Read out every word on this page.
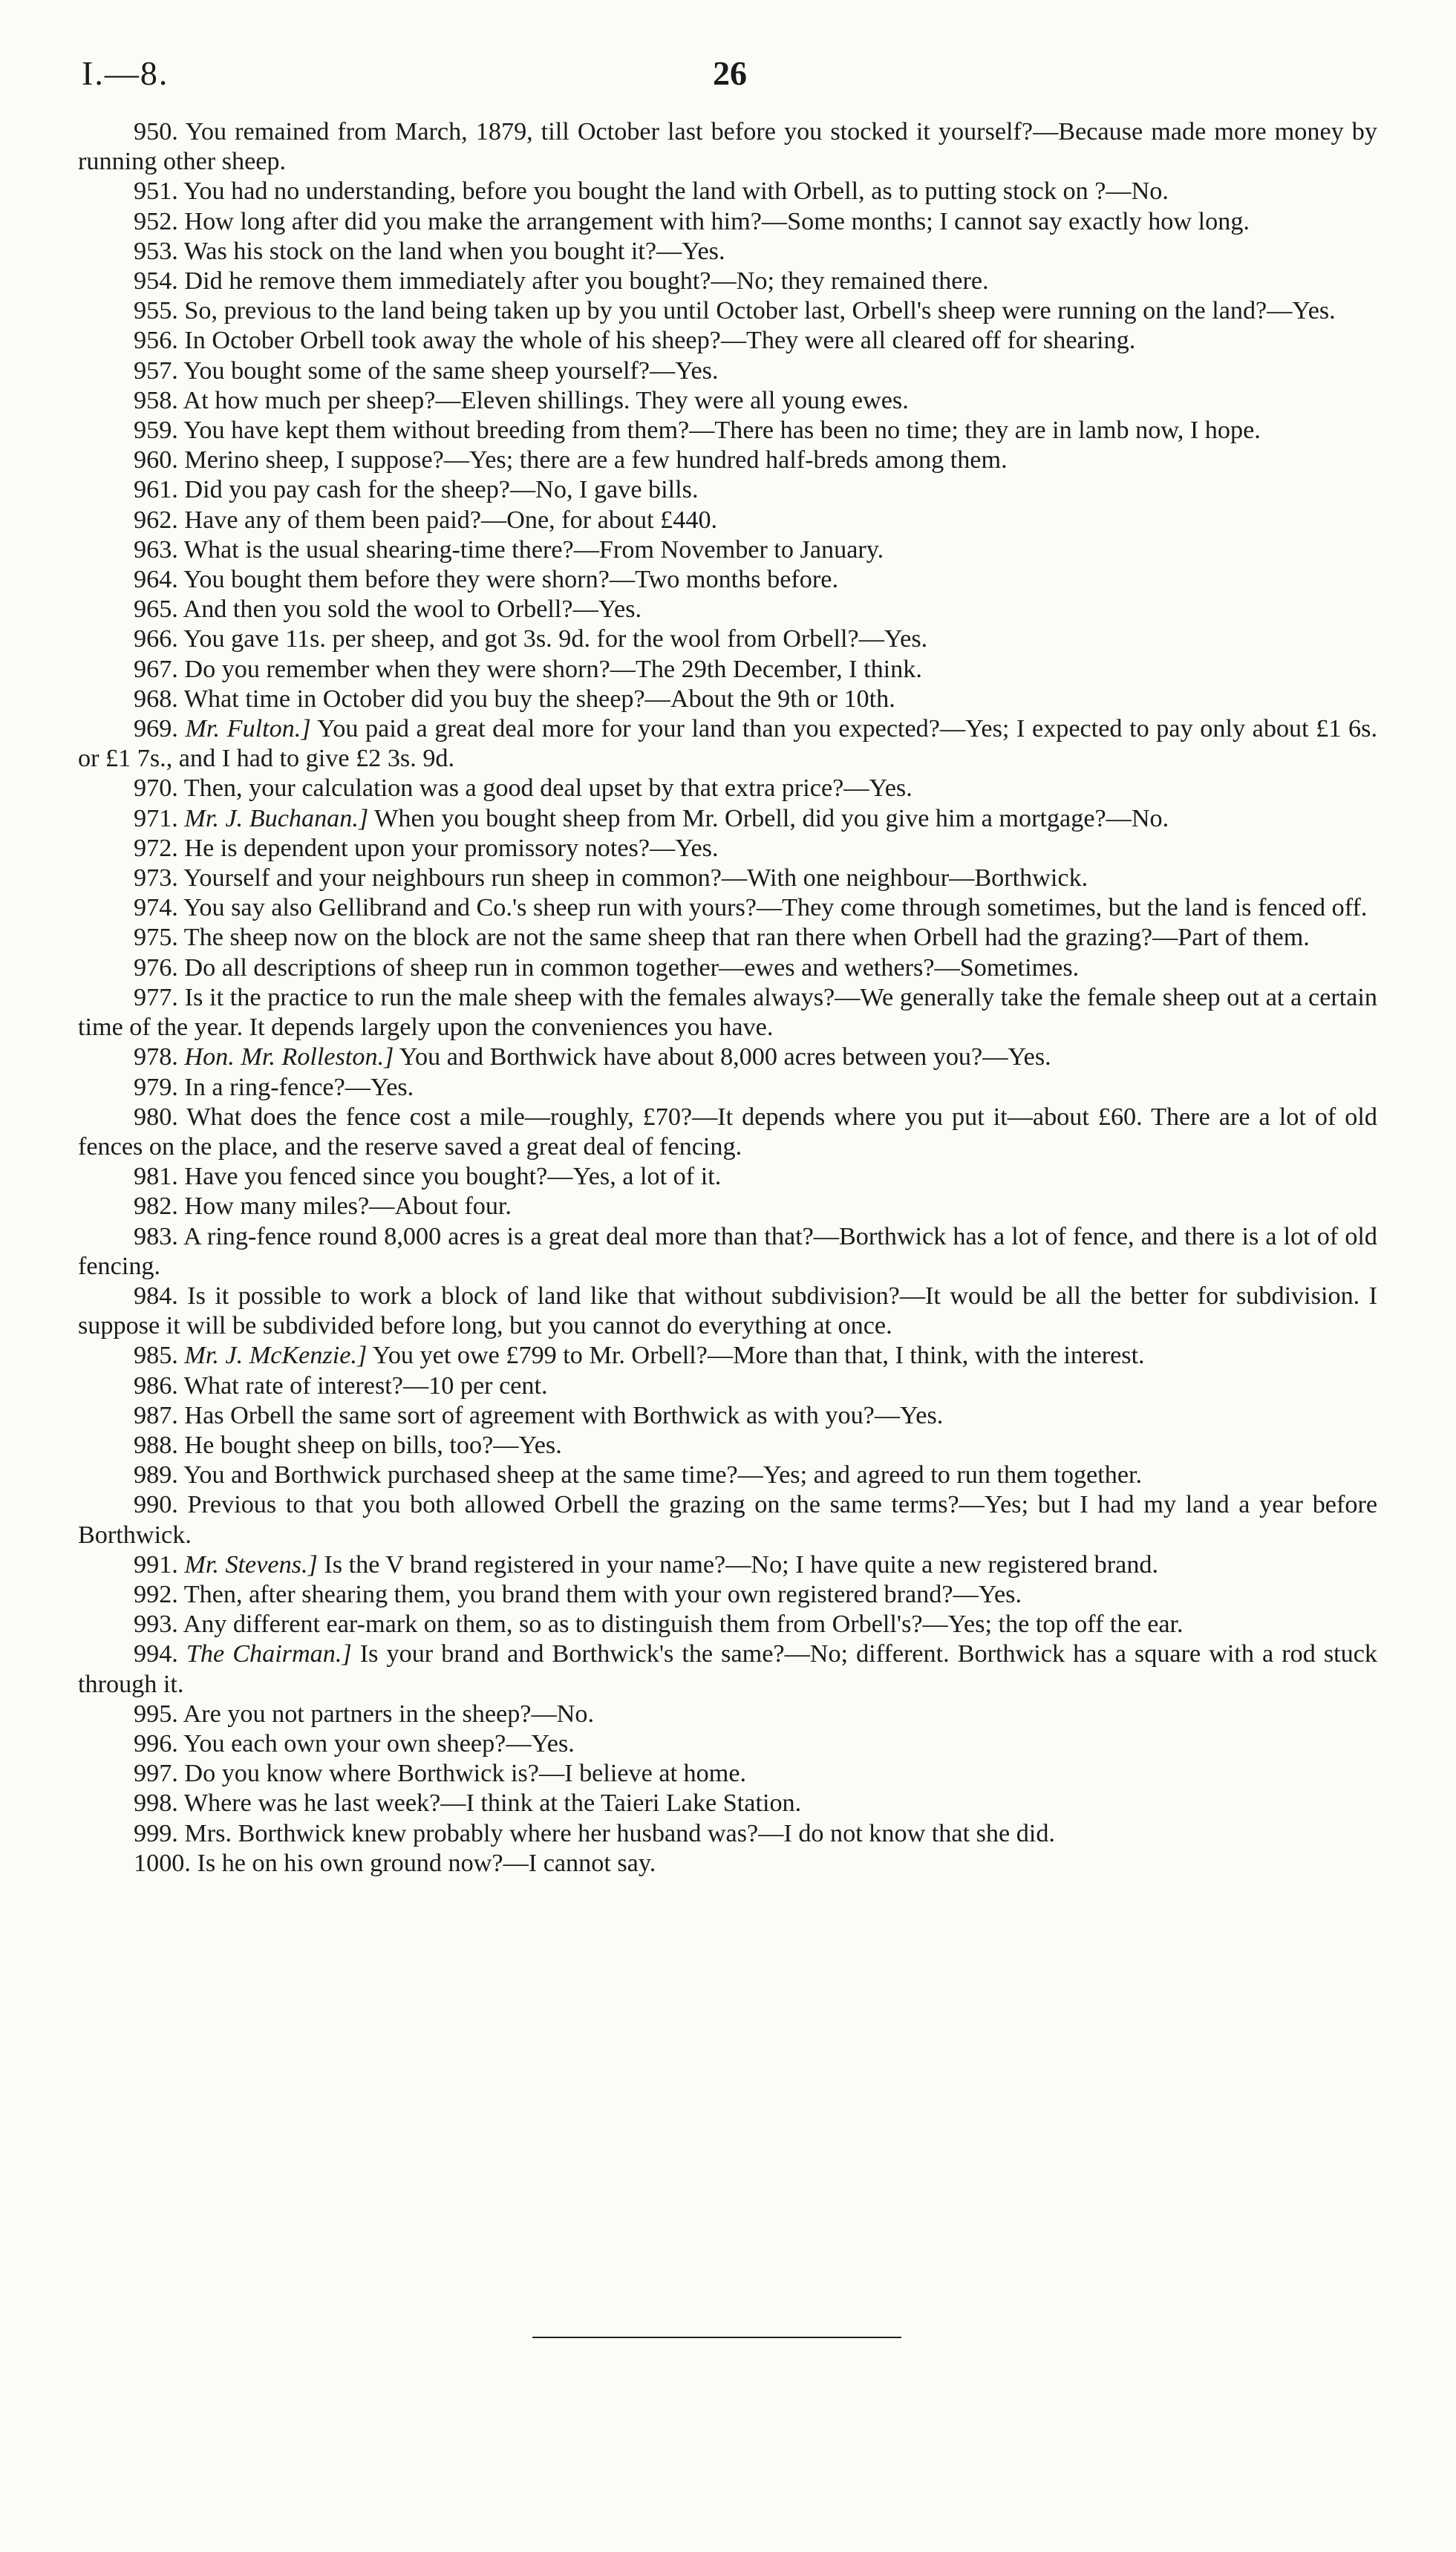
I.—8.	26

950. You remained from March, 1879, till October last before you stocked it yourself?—Because made more money by running other sheep.

951. You had no understanding, before you bought the land with Orbell, as to putting stock on ?—No.

952. How long after did you make the arrangement with him?—Some months; I cannot say exactly how long.

953. Was his stock on the land when you bought it?—Yes.

954. Did he remove them immediately after you bought?—No; they remained there.

955. So, previous to the land being taken up by you until October last, Orbell's sheep were running on the land?—Yes.

956. In October Orbell took away the whole of his sheep?—They were all cleared off for shearing.

957. You bought some of the same sheep yourself?—Yes.

958. At how much per sheep?—Eleven shillings. They were all young ewes.

959. You have kept them without breeding from them?—There has been no time; they are in lamb now, I hope.

960. Merino sheep, I suppose?—Yes; there are a few hundred half-breds among them.

961. Did you pay cash for the sheep?—No, I gave bills.

962. Have any of them been paid?—One, for about £440.

963. What is the usual shearing-time there?—From November to January.

964. You bought them before they were shorn?—Two months before.

965. And then you sold the wool to Orbell?—Yes.

966. You gave 11s. per sheep, and got 3s. 9d. for the wool from Orbell?—Yes.

967. Do you remember when they were shorn?—The 29th December, I think.

968. What time in October did you buy the sheep?—About the 9th or 10th.

969. Mr. Fulton.] You paid a great deal more for your land than you expected?—Yes; I expected to pay only about £1 6s. or £1 7s., and I had to give £2 3s. 9d.

970. Then, your calculation was a good deal upset by that extra price?—Yes.

971. Mr. J. Buchanan.] When you bought sheep from Mr. Orbell, did you give him a mortgage?—No.

972. He is dependent upon your promissory notes?—Yes.

973. Yourself and your neighbours run sheep in common?—With one neighbour—Borthwick.

974. You say also Gellibrand and Co.'s sheep run with yours?—They come through sometimes, but the land is fenced off.

975. The sheep now on the block are not the same sheep that ran there when Orbell had the grazing?—Part of them.

976. Do all descriptions of sheep run in common together—ewes and wethers?—Sometimes.

977. Is it the practice to run the male sheep with the females always?—We generally take the female sheep out at a certain time of the year. It depends largely upon the conveniences you have.

978. Hon. Mr. Rolleston.] You and Borthwick have about 8,000 acres between you?—Yes.

979. In a ring-fence?—Yes.

980. What does the fence cost a mile—roughly, £70?—It depends where you put it—about £60. There are a lot of old fences on the place, and the reserve saved a great deal of fencing.

981. Have you fenced since you bought?—Yes, a lot of it.

982. How many miles?—About four.

983. A ring-fence round 8,000 acres is a great deal more than that?—Borthwick has a lot of fence, and there is a lot of old fencing.

984. Is it possible to work a block of land like that without subdivision?—It would be all the better for subdivision. I suppose it will be subdivided before long, but you cannot do everything at once.

985. Mr. J. McKenzie.] You yet owe £799 to Mr. Orbell?—More than that, I think, with the interest.

986. What rate of interest?—10 per cent.

987. Has Orbell the same sort of agreement with Borthwick as with you?—Yes.

988. He bought sheep on bills, too?—Yes.

989. You and Borthwick purchased sheep at the same time?—Yes; and agreed to run them together.

990. Previous to that you both allowed Orbell the grazing on the same terms?—Yes; but I had my land a year before Borthwick.

991. Mr. Stevens.] Is the V brand registered in your name?—No; I have quite a new registered brand.

992. Then, after shearing them, you brand them with your own registered brand?—Yes.

993. Any different ear-mark on them, so as to distinguish them from Orbell's?—Yes; the top off the ear.

994. The Chairman.] Is your brand and Borthwick's the same?—No; different. Borthwick has a square with a rod stuck through it.

995. Are you not partners in the sheep?—No.

996. You each own your own sheep?—Yes.

997. Do you know where Borthwick is?—I believe at home.

998. Where was he last week?—I think at the Taieri Lake Station.

999. Mrs. Borthwick knew probably where her husband was?—I do not know that she did.

1000. Is he on his own ground now?—I cannot say.
